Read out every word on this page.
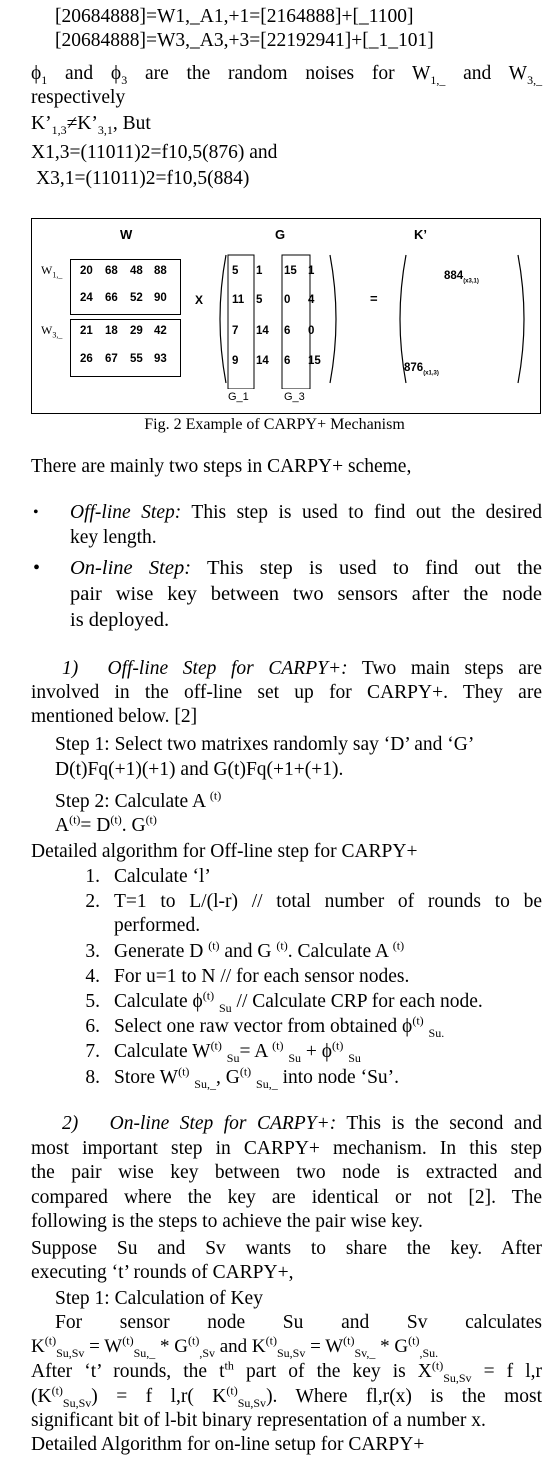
[20684888]=W1,_A1,+1=[2164888]+[_1100]
[20684888]=W3,_A3,+3=[22192941]+[_1_101]
$\phi_1$ and $\phi_3$ are the random noises for $W_{1,\_}$ and $W_{3,\_}$
respectively
$K’_{1,3}\ne K’_{3,1}$, But
X1,3=(11011)2=f10,5(876) and
X3,1=(11011)2=f10,5(884)
W	G	K’
$W_{1,\_}$
$W_{3,\_}$
20 68 48 88
24 66 52 90
21 18 29 42
26 67 55 93
X
5 1 15 1
11 5 0 4
7 14 6 0
9 14 6 15
G_1	G_3
=
$884_{(x3,1)}$
$876_{(x1,3)}$
Fig. 2 Example of CARPY+ Mechanism
There are mainly two steps in CARPY+ scheme,
• Off-line Step: This step is used to find out the desired
key length.
• On-line Step: This step is used to find out the
pair wise key between two sensors after the node
is deployed.
1) Off-line Step for CARPY+: Two main steps are
involved in the off-line set up for CARPY+. They are
mentioned below. [2]
Step 1: Select two matrixes randomly say ‘D’ and ‘G’
D(t)Fq(+1)(+1) and G(t)Fq(+1+(+1).
Step 2: Calculate A $^{(t)}$
$A^{(t)}= D^{(t)}$. $G^{(t)}$
Detailed algorithm for Off-line step for CARPY+
1. Calculate ‘l’
2. T=1 to L/(l-r) // total number of rounds to be
performed.
3. Generate D $^{(t)}$ and G $^{(t)}$. Calculate A $^{(t)}$
4. For u=1 to N // for each sensor nodes.
5. Calculate $\phi^{(t)}$ $_{Su}$ // Calculate CRP for each node.
6. Select one raw vector from obtained $\phi^{(t)}$ $_{Su.}$
7. Calculate $W^{(t)}$ $_{Su}$= A $^{(t)}$ $_{Su} + \phi^{(t)}$ $_{Su}$
8. Store $W^{(t)}$ $_{Su,\_}$, $G^{(t)}$ $_{Su,\_}$ into node ‘Su’.
2) On-line Step for CARPY+: This is the second and
most important step in CARPY+ mechanism. In this step
the pair wise key between two node is extracted and
compared where the key are identical or not [2]. The
following is the steps to achieve the pair wise key.
Suppose Su and Sv wants to share the key. After
executing ‘t’ rounds of CARPY+,
Step 1: Calculation of Key
For sensor node Su and Sv calculates
$K^{(t)}_{Su,Sv} = W^{(t)}_{Su,\_} * G^{(t)}_{,Sv}$ and $K^{(t)}_{Su,Sv} = W^{(t)}_{Sv,\_} * G^{(t)}_{,Su.}$
After ‘t’ rounds, the $t^{th}$ part of the key is $X^{(t)}_{Su,Sv} = f$ l,r
$(K^{(t)}_{Su,Sv}) = f$ l,r( $K^{(t)}_{Su,Sv}$). Where fl,r(x) is the most
significant bit of l-bit binary representation of a number x.
Detailed Algorithm for on-line setup for CARPY+
